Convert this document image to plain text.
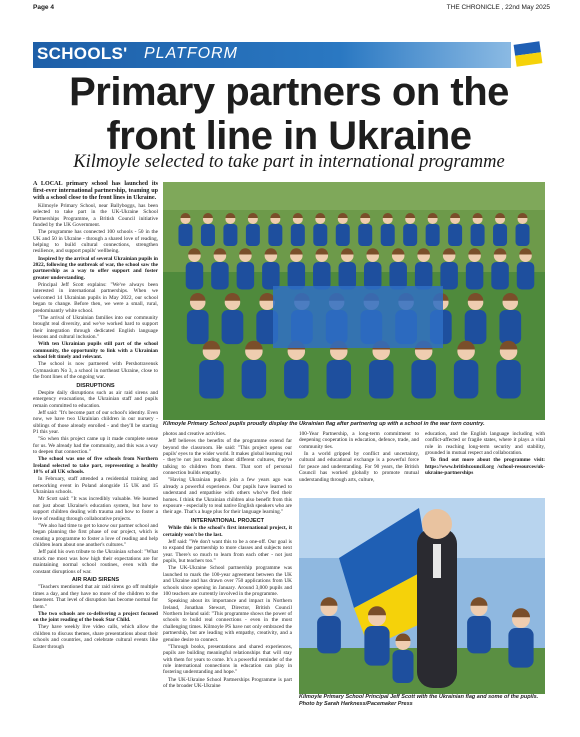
Page 4	THE CHRONICLE , 22nd May 2025
SCHOOLS' PLATFORM
Primary partners on the
front line in Ukraine
Kilmoyle selected to take part in international programme

A LOCAL primary school has launched its first-ever international partnership, teaming up with a school close to the front lines in Ukraine.

Kilmoyle Primary School, near Ballyboggs, has been selected to take part in the UK-Ukraine School Partnerships Programme, a British Council initiative funded by the UK Government.

The programme has connected 100 schools - 50 in the UK and 50 in Ukraine - through a shared love of reading, helping to build cultural connections, strengthen resilience, and support pupils' wellbeing.

Inspired by the arrival of several Ukrainian pupils in 2022, following the outbreak of war, the school saw the partnership as a way to offer support and foster greater understanding.

Principal Jeff Scott explains: "We've always been interested in international partnerships. When we welcomed 14 Ukrainian pupils in May 2022, our school began to change. Before then, we were a small, rural, predominantly white school.

"The arrival of Ukrainian families into our community brought real diversity, and we've worked hard to support their integration through dedicated English language lessons and cultural inclusion."

With ten Ukrainian pupils still part of the school community, the opportunity to link with a Ukrainian school felt timely and relevant.

The school is now partnered with Pershotravensk Gymnasium No 3, a school in northeast Ukraine, close to the front lines of the ongoing war.

DISRUPTIONS

Despite daily disruptions such as air raid sirens and emergency evacuations, the Ukrainian staff and pupils remain committed to education.

Jeff said: "It's become part of our school's identity. Even now, we have two Ukrainian children in our nursery - siblings of those already enrolled - and they'll be starting P1 this year.

"So when this project came up it made complete sense for us. We already had the community, and this was a way to deepen that connection."

The school was one of five schools from Northern Ireland selected to take part, representing a healthy 10% of all UK schools.

In February, staff attended a residential training and networking event in Poland alongside 15 UK and 15 Ukrainian schools.

Mr Scott said: "It was incredibly valuable. We learned not just about Ukraine's education system, but how to support children dealing with trauma and how to foster a love of reading through collaborative projects.

"We also had time to get to know our partner school and began planning the first phase of our project, which is creating a programme to foster a love of reading and help children learn about one another's cultures."

Jeff paid his own tribute to the Ukrainian school: "What struck me most was how high their expectations are for maintaining normal school routines, even with the constant disruptions of war.

AIR RAID SIRENS

"Teachers mentioned that air raid sirens go off multiple times a day, and they have no more of the children to the basement. That level of disruption has become normal for them."

The two schools are co-delivering a project focused on the joint reading of the book Star Child.

They have weekly live video calls, which allow the children to discuss themes, share presentations about their schools and countries, and celebrate cultural events like Easter through

Kilmoyle Primary School pupils proudly display the Ukrainian flag after partnering up with a school in the war torn country.

photos and creative activities.

Jeff believes the benefits of the programme extend far beyond the classroom. He said: "This project opens our pupils' eyes to the wider world. It makes global learning real - they're not just reading about different cultures, they're talking to children from them. That sort of personal connection builds empathy.

"Having Ukrainian pupils join a few years ago was already a powerful experience. Our pupils have learned to understand and empathise with others who've fled their homes. I think the Ukrainian children also benefit from this exposure - especially to real native English speakers who are their age. That's a huge plus for their language learning."

INTERNATIONAL PROJECT

While this is the school's first international project, it certainly won't be the last.

Jeff said: "We don't want this to be a one-off. Our goal is to expand the partnership to more classes and subjects next year. There's so much to learn from each other - not just pupils, but teachers too."

The UK-Ukraine School partnership programme was launched to mark the 100-year agreement between the UK and Ukraine and has drawn over 750 applications from UK schools since opening in January. Around 3,000 pupils and 100 teachers are currently involved in the programme.

Speaking about its importance and impact in Northern Ireland, Jonathan Stewart, Director, British Council Northern Ireland said: "This programme shows the power of schools to build real connections - even in the most challenging times. Kilmoyle PS have not only embraced the partnership, but are leading with empathy, creativity, and a genuine desire to connect.

"Through books, presentations and shared experiences, pupils are building meaningful relationships that will stay with them for years to come. It's a powerful reminder of the role international connections in education can play in fostering understanding and hope."

The UK-Ukraine School Partnerships Programme is part of the broader UK-Ukraine

100-Year Partnership, a long-term commitment to deepening cooperation in education, defence, trade, and community ties.

In a world gripped by conflict and uncertainty, cultural and educational exchange is a powerful force for peace and understanding. For 90 years, the British Council has worked globally to promote mutual understanding through arts, culture,

education, and the English language including with conflict-affected or fragile states, where it plays a vital role in reaching long-term security and stability, grounded in mutual respect and collaboration.

To find out more about the programme visit: https://www.britishcouncil.org /school-resources/uk-ukraine-partnerships

Kilmoyle Primary School Principal Jeff Scott with the Ukrainian flag and some of the pupils. Photo by Sarah Harkness/Pacemaker Press
